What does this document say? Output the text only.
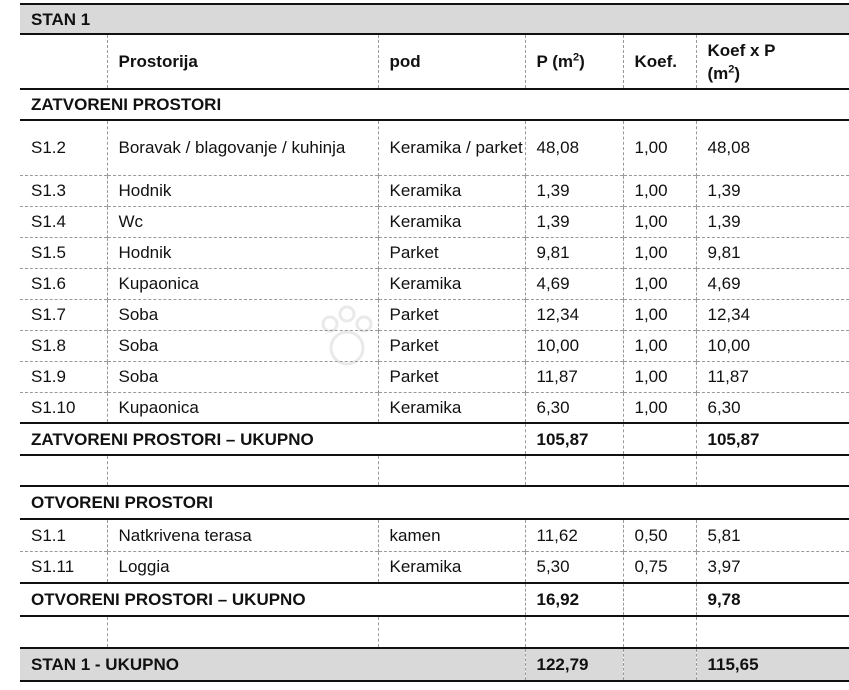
STAN 1					
	Prostorija	pod	P $(m^2)$	Koef.	Koef x P
$(m^2)$
ZATVORENI PROSTORI					
S1.2	Boravak / blagovanje / kuhinja	Keramika / parket	48,08	1,00	48,08
S1.3	Hodnik	Keramika	1,39	1,00	1,39
S1.4	Wc	Keramika	1,39	1,00	1,39
S1.5	Hodnik	Parket	9,81	1,00	9,81
S1.6	Kupaonica	Keramika	4,69	1,00	4,69
S1.7	Soba	Parket	12,34	1,00	12,34
S1.8	Soba	Parket	10,00	1,00	10,00
S1.9	Soba	Parket	11,87	1,00	11,87
S1.10	Kupaonica	Keramika	6,30	1,00	6,30
ZATVORENI PROSTORI – UKUPNO			105,87		105,87

OTVORENI PROSTORI					
S1.1	Natkrivena terasa	kamen	11,62	0,50	5,81
S1.11	Loggia	Keramika	5,30	0,75	3,97
OTVORENI PROSTORI – UKUPNO			16,92		9,78

STAN 1 - UKUPNO			122,79		115,65
